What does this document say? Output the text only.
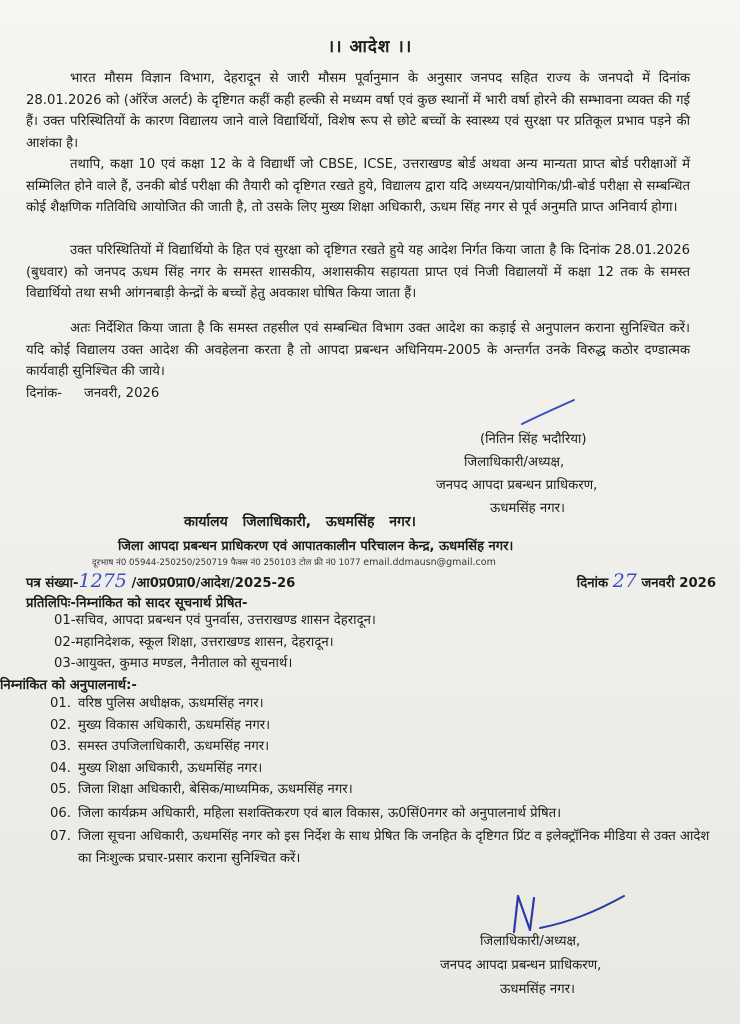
।। आदेश ।।
भारत मौसम विज्ञान विभाग, देहरादून से जारी मौसम पूर्वानुमान के अनुसार जनपद सहित राज्य के जनपदो में दिनांक 28.01.2026 को (ऑरेंज अलर्ट) के दृष्टिगत कहीं कही हल्की से मध्यम वर्षा एवं कुछ स्थानों में भारी वर्षा होरने की सम्भावना व्यक्त की गई हैं। उक्त परिस्थितियों के कारण विद्यालय जाने वाले विद्यार्थियों, विशेष रूप से छोटे बच्चों के स्वास्थ्य एवं सुरक्षा पर प्रतिकूल प्रभाव पड़ने की आशंका है।
तथापि, कक्षा 10 एवं कक्षा 12 के वे विद्यार्थी जो CBSE, ICSE, उत्तराखण्ड बोर्ड अथवा अन्य मान्यता प्राप्त बोर्ड परीक्षाओं में सम्मिलित होने वाले हैं, उनकी बोर्ड परीक्षा की तैयारी को दृष्टिगत रखते हुये, विद्यालय द्वारा यदि अध्ययन/प्रायोगिक/प्री-बोर्ड परीक्षा से सम्बन्धित कोई शैक्षणिक गतिविधि आयोजित की जाती है, तो उसके लिए मुख्य शिक्षा अधिकारी, ऊधम सिंह नगर से पूर्व अनुमति प्राप्त अनिवार्य होगा।
उक्त परिस्थितियों में विद्यार्थियो के हित एवं सुरक्षा को दृष्टिगत रखते हुये यह आदेश निर्गत किया जाता है कि दिनांक 28.01.2026 (बुधवार) को जनपद ऊधम सिंह नगर के समस्त शासकीय, अशासकीय सहायता प्राप्त एवं निजी विद्यालयों में कक्षा 12 तक के समस्त विद्यार्थियो तथा सभी आंगनबाड़ी केन्द्रों के बच्चों हेतु अवकाश घोषित किया जाता हैं।
अतः निर्देशित किया जाता है कि समस्त तहसील एवं सम्बन्धित विभाग उक्त आदेश का कड़ाई से अनुपालन कराना सुनिश्चित करें। यदि कोई विद्यालय उक्त आदेश की अवहेलना करता है तो आपदा प्रबन्धन अधिनियम-2005 के अन्तर्गत उनके विरुद्ध कठोर दण्डात्मक कार्यवाही सुनिश्चित की जाये।
दिनांक- जनवरी, 2026
(नितिन सिंह भदौरिया)
जिलाधिकारी/अध्यक्ष,
जनपद आपदा प्रबन्धन प्राधिकरण,
ऊधमसिंह नगर।
कार्यालय जिलाधिकारी, ऊधमसिंह नगर।
जिला आपदा प्रबन्धन प्राधिकरण एवं आपातकालीन परिचालन केन्द्र, ऊधमसिंह नगर।
दूरभाष नं0 05944-250250/250719 फैक्स नं0 250103 टोल फ्री नं0 1077 email.ddmausn@gmail.com
पत्र संख्या-1275 /आ0प्र0प्रा0/आदेश/2025-26	दिनांक 27 जनवरी 2026
प्रतिलिपिः-निम्नांकित को सादर सूचनार्थ प्रेषित-
01-सचिव, आपदा प्रबन्धन एवं पुनर्वास, उत्तराखण्ड शासन देहरादून।
02-महानिदेशक, स्कूल शिक्षा, उत्तराखण्ड शासन, देहरादून।
03-आयुक्त, कुमाउ मण्डल, नैनीताल को सूचनार्थ।
निम्नांकित को अनुपालनार्थ:-
01. वरिष्ठ पुलिस अधीक्षक, ऊधमसिंह नगर।
02. मुख्य विकास अधिकारी, ऊधमसिंह नगर।
03. समस्त उपजिलाधिकारी, ऊधमसिंह नगर।
04. मुख्य शिक्षा अधिकारी, ऊधमसिंह नगर।
05. जिला शिक्षा अधिकारी, बेसिक/माध्यमिक, ऊधमसिंह नगर।
06. जिला कार्यक्रम अधिकारी, महिला सशक्तिकरण एवं बाल विकास, ऊ0सिं0नगर को अनुपालनार्थ प्रेषित।
07. जिला सूचना अधिकारी, ऊधमसिंह नगर को इस निर्देश के साथ प्रेषित कि जनहित के दृष्टिगत प्रिंट व इलेक्ट्रॉनिक मीडिया से उक्त आदेश का निःशुल्क प्रचार-प्रसार कराना सुनिश्चित करें।
जिलाधिकारी/अध्यक्ष,
जनपद आपदा प्रबन्धन प्राधिकरण,
ऊधमसिंह नगर।
